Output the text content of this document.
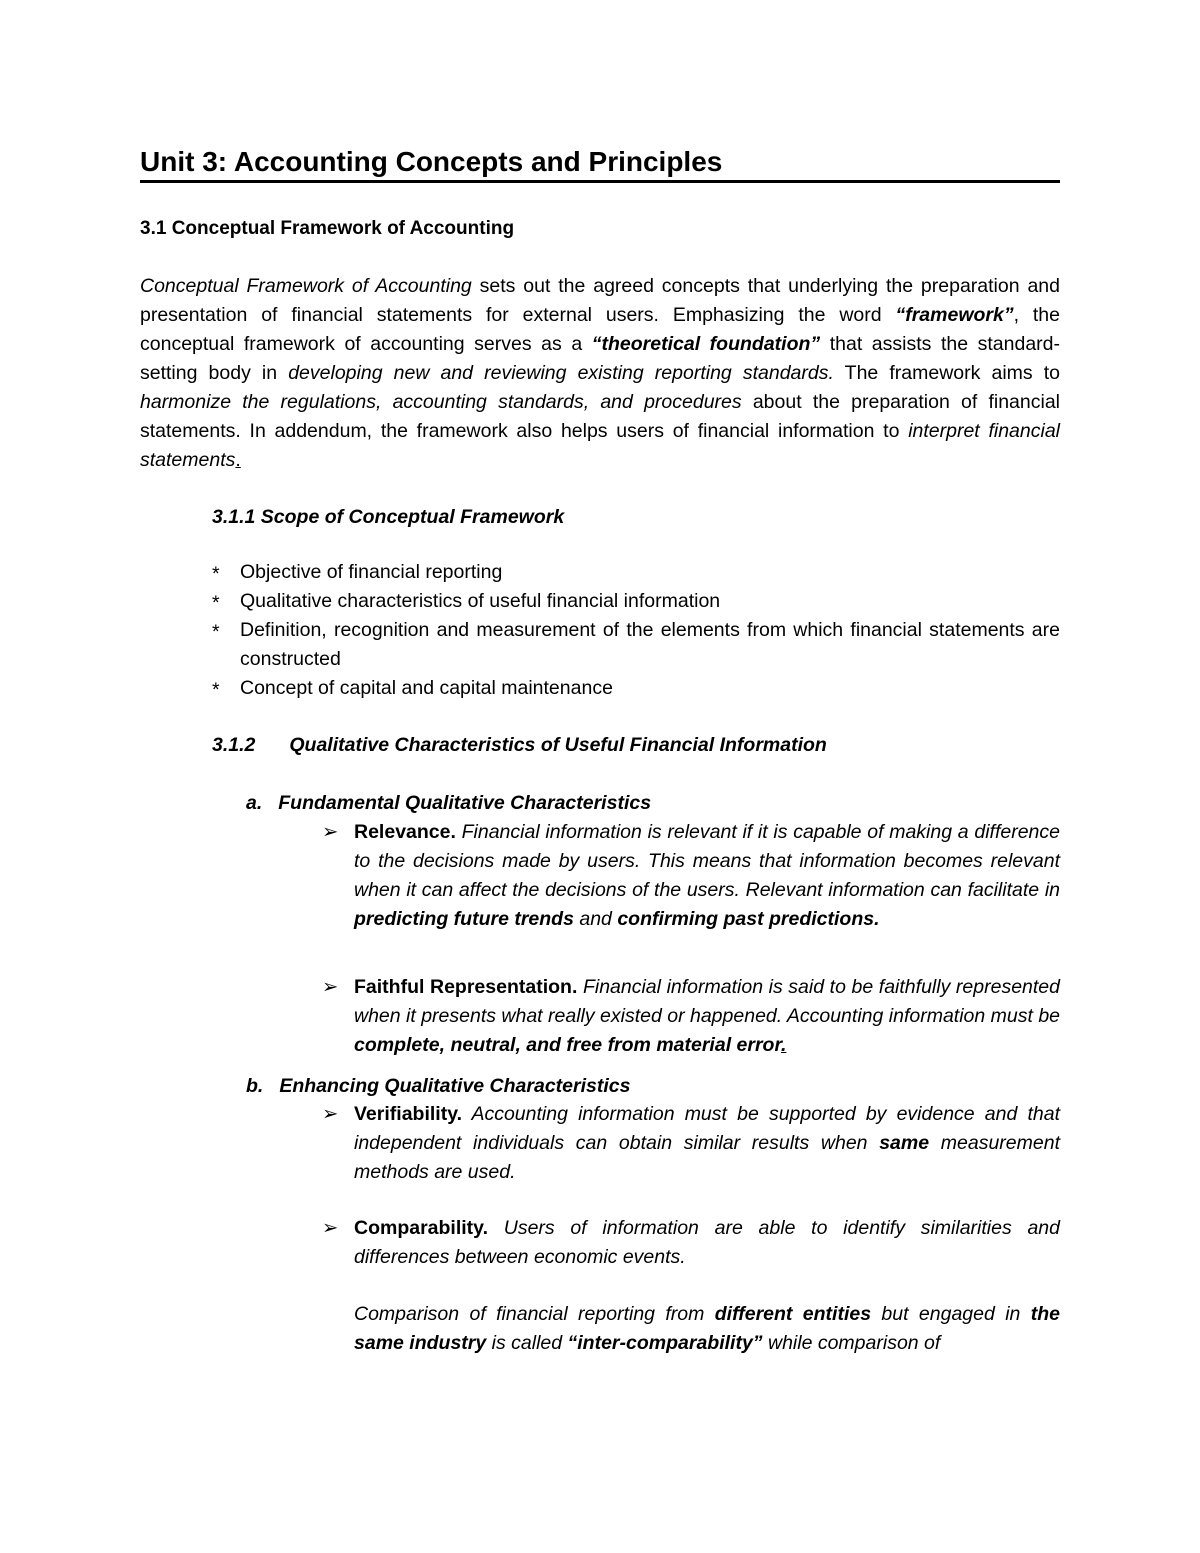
Unit 3: Accounting Concepts and Principles
3.1 Conceptual Framework of Accounting
Conceptual Framework of Accounting sets out the agreed concepts that underlying the preparation and presentation of financial statements for external users. Emphasizing the word “framework”, the conceptual framework of accounting serves as a “theoretical foundation” that assists the standard-setting body in developing new and reviewing existing reporting standards. The framework aims to harmonize the regulations, accounting standards, and procedures about the preparation of financial statements. In addendum, the framework also helps users of financial information to interpret financial statements.
3.1.1 Scope of Conceptual Framework
* Objective of financial reporting
* Qualitative characteristics of useful financial information
* Definition, recognition and measurement of the elements from which financial statements are constructed
* Concept of capital and capital maintenance
3.1.2 Qualitative Characteristics of Useful Financial Information
a. Fundamental Qualitative Characteristics
➢ Relevance. Financial information is relevant if it is capable of making a difference to the decisions made by users. This means that information becomes relevant when it can affect the decisions of the users. Relevant information can facilitate in predicting future trends and confirming past predictions.
➢ Faithful Representation. Financial information is said to be faithfully represented when it presents what really existed or happened. Accounting information must be complete, neutral, and free from material error.
b. Enhancing Qualitative Characteristics
➢ Verifiability. Accounting information must be supported by evidence and that independent individuals can obtain similar results when same measurement methods are used.
➢ Comparability. Users of information are able to identify similarities and differences between economic events.
Comparison of financial reporting from different entities but engaged in the same industry is called “inter-comparability” while comparison of
